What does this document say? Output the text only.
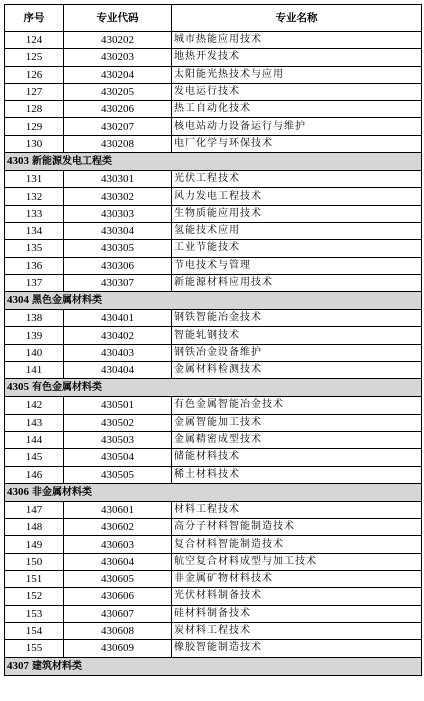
序号	专业代码	专业名称
124	430202	城市热能应用技术
125	430203	地热开发技术
126	430204	太阳能光热技术与应用
127	430205	发电运行技术
128	430206	热工自动化技术
129	430207	核电站动力设备运行与维护
130	430208	电厂化学与环保技术
4303 新能源发电工程类		
131	430301	光伏工程技术
132	430302	风力发电工程技术
133	430303	生物质能应用技术
134	430304	氢能技术应用
135	430305	工业节能技术
136	430306	节电技术与管理
137	430307	新能源材料应用技术
4304 黑色金属材料类		
138	430401	钢铁智能冶金技术
139	430402	智能轧钢技术
140	430403	钢铁冶金设备维护
141	430404	金属材料检测技术
4305 有色金属材料类		
142	430501	有色金属智能冶金技术
143	430502	金属智能加工技术
144	430503	金属精密成型技术
145	430504	储能材料技术
146	430505	稀土材料技术
4306 非金属材料类		
147	430601	材料工程技术
148	430602	高分子材料智能制造技术
149	430603	复合材料智能制造技术
150	430604	航空复合材料成型与加工技术
151	430605	非金属矿物材料技术
152	430606	光伏材料制备技术
153	430607	硅材料制备技术
154	430608	炭材料工程技术
155	430609	橡胶智能制造技术
4307 建筑材料类		
